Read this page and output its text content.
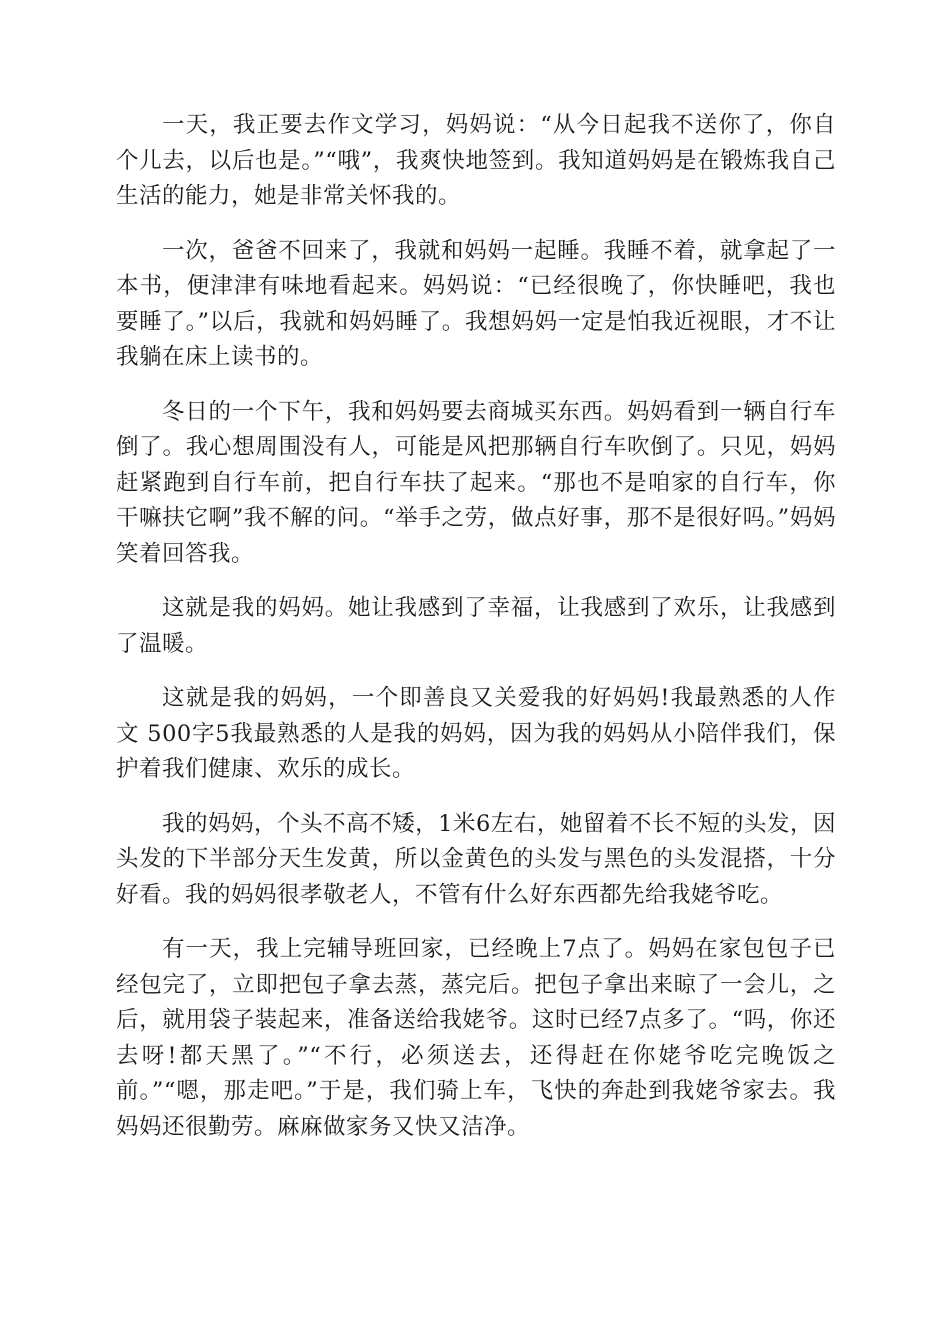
一天，我正要去作文学习，妈妈说：“从今日起我不送你了，你自个儿去，以后也是。”“哦”，我爽快地签到。我知道妈妈是在锻炼我自己生活的能力，她是非常关怀我的。

一次，爸爸不回来了，我就和妈妈一起睡。我睡不着，就拿起了一本书，便津津有味地看起来。妈妈说：“已经很晚了，你快睡吧，我也要睡了。”以后，我就和妈妈睡了。我想妈妈一定是怕我近视眼，才不让我躺在床上读书的。

冬日的一个下午，我和妈妈要去商城买东西。妈妈看到一辆自行车倒了。我心想周围没有人，可能是风把那辆自行车吹倒了。只见，妈妈赶紧跑到自行车前，把自行车扶了起来。“那也不是咱家的自行车，你干嘛扶它啊”我不解的问。“举手之劳，做点好事，那不是很好吗。”妈妈笑着回答我。

这就是我的妈妈。她让我感到了幸福，让我感到了欢乐，让我感到了温暖。

这就是我的妈妈，一个即善良又关爱我的好妈妈!我最熟悉的人作文 500字5我最熟悉的人是我的妈妈，因为我的妈妈从小陪伴我们，保护着我们健康、欢乐的成长。

我的妈妈，个头不高不矮，1米6左右，她留着不长不短的头发，因头发的下半部分天生发黄，所以金黄色的头发与黑色的头发混搭，十分好看。我的妈妈很孝敬老人，不管有什么好东西都先给我姥爷吃。

有一天，我上完辅导班回家，已经晚上7点了。妈妈在家包包子已经包完了，立即把包子拿去蒸，蒸完后。把包子拿出来晾了一会儿，之后，就用袋子装起来，准备送给我姥爷。这时已经7点多了。“吗，你还去呀!都天黑了。”“不行，必须送去，还得赶在你姥爷吃完晚饭之前。”“嗯，那走吧。”于是，我们骑上车，飞快的奔赴到我姥爷家去。我妈妈还很勤劳。麻麻做家务又快又洁净。
